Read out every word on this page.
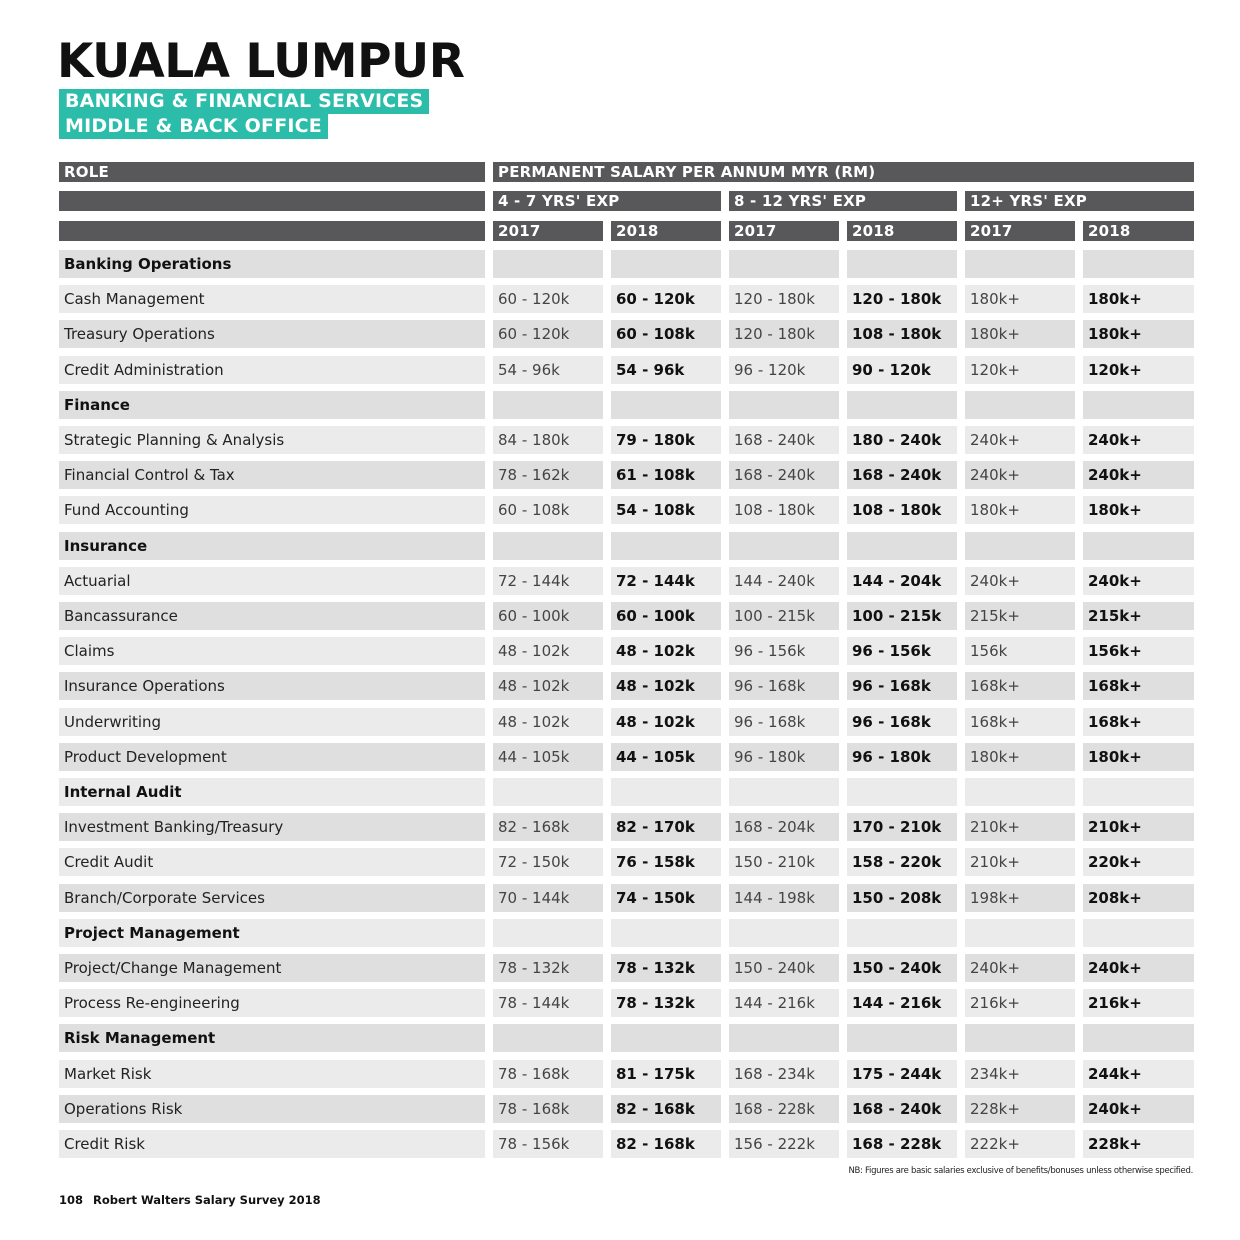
KUALA LUMPUR
BANKING & FINANCIAL SERVICES
MIDDLE & BACK OFFICE
ROLE	PERMANENT SALARY PER ANNUM MYR (RM)
4 - 7 YRS' EXP	8 - 12 YRS' EXP	12+ YRS' EXP
2017	2018	2017	2018	2017	2018
Banking Operations
Cash Management	60 - 120k	60 - 120k	120 - 180k	120 - 180k	180k+	180k+
Treasury Operations	60 - 120k	60 - 108k	120 - 180k	108 - 180k	180k+	180k+
Credit Administration	54 - 96k	54 - 96k	96 - 120k	90 - 120k	120k+	120k+
Finance
Strategic Planning & Analysis	84 - 180k	79 - 180k	168 - 240k	180 - 240k	240k+	240k+
Financial Control & Tax	78 - 162k	61 - 108k	168 - 240k	168 - 240k	240k+	240k+
Fund Accounting	60 - 108k	54 - 108k	108 - 180k	108 - 180k	180k+	180k+
Insurance
Actuarial	72 - 144k	72 - 144k	144 - 240k	144 - 204k	240k+	240k+
Bancassurance	60 - 100k	60 - 100k	100 - 215k	100 - 215k	215k+	215k+
Claims	48 - 102k	48 - 102k	96 - 156k	96 - 156k	156k	156k+
Insurance Operations	48 - 102k	48 - 102k	96 - 168k	96 - 168k	168k+	168k+
Underwriting	48 - 102k	48 - 102k	96 - 168k	96 - 168k	168k+	168k+
Product Development	44 - 105k	44 - 105k	96 - 180k	96 - 180k	180k+	180k+
Internal Audit
Investment Banking/Treasury	82 - 168k	82 - 170k	168 - 204k	170 - 210k	210k+	210k+
Credit Audit	72 - 150k	76 - 158k	150 - 210k	158 - 220k	210k+	220k+
Branch/Corporate Services	70 - 144k	74 - 150k	144 - 198k	150 - 208k	198k+	208k+
Project Management
Project/Change Management	78 - 132k	78 - 132k	150 - 240k	150 - 240k	240k+	240k+
Process Re-engineering	78 - 144k	78 - 132k	144 - 216k	144 - 216k	216k+	216k+
Risk Management
Market Risk	78 - 168k	81 - 175k	168 - 234k	175 - 244k	234k+	244k+
Operations Risk	78 - 168k	82 - 168k	168 - 228k	168 - 240k	228k+	240k+
Credit Risk	78 - 156k	82 - 168k	156 - 222k	168 - 228k	222k+	228k+
NB: Figures are basic salaries exclusive of benefits/bonuses unless otherwise specified.
108 Robert Walters Salary Survey 2018
